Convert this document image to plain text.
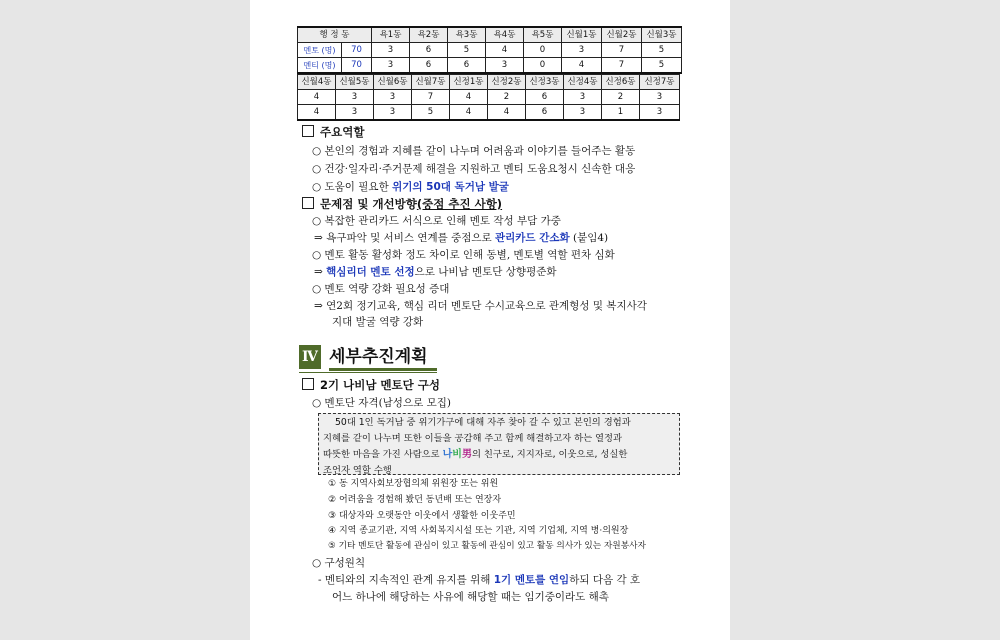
행 정 동		욕1동	욕2동	욕3동	욕4동	욕5동	신월1동	신월2동	신월3동
멘토 (명)	70	3	6	5	4	0	3	7	5
멘티 (명)	70	3	6	6	3	0	4	7	5
신월4동	신월5동	신월6동	신월7동	신정1동	신정2동	신정3동	신정4동	신정6동	신정7동
4	3	3	7	4	2	6	3	2	3
4	3	3	5	4	4	6	3	1	3
주요역할
○ 본인의 경험과 지혜를 같이 나누며 어려움과 이야기를 들어주는 활동
○ 건강·일자리·주거문제 해결을 지원하고 멘티 도움요청시 신속한 대응
○ 도움이 필요한 위기의 50대 독거남 발굴
문제점 및 개선방향(중점 추진 사항)
○ 복잡한 관리카드 서식으로 인해 멘토 작성 부담 가중
⇒ 욕구파악 및 서비스 연계를 중점으로 관리카드 간소화 (붙임4)
○ 멘토 활동 활성화 정도 차이로 인해 동별, 멘토별 역할 편차 심화
⇒ 핵심리더 멘토 선정으로 나비남 멘토단 상향평준화
○ 멘토 역량 강화 필요성 증대
⇒ 연2회 정기교육, 핵심 리더 멘토단 수시교육으로 관계형성 및 복지사각
지대 발굴 역량 강화
Ⅳ 세부추진계획
2기 나비남 멘토단 구성
○ 멘토단 자격(남성으로 모집)
50대 1인 독거남 중 위기가구에 대해 자주 찾아 갈 수 있고 본인의 경험과
지혜를 같이 나누며 또한 이들을 공감해 주고 함께 해결하고자 하는 열정과
따뜻한 마음을 가진 사람으로 나비男의 친구로, 지지자로, 이웃으로, 성실한
조언자 역할 수행
① 동 지역사회보장협의체 위원장 또는 위원
② 어려움을 경험해 봤던 동년배 또는 연장자
③ 대상자와 오랫동안 이웃에서 생활한 이웃주민
④ 지역 종교기관, 지역 사회복지시설 또는 기관, 지역 기업체, 지역 병·의원장
⑤ 기타 멘토단 활동에 관심이 있고 활동에 관심이 있고 활동 의사가 있는 자원봉사자
○ 구성원칙
- 멘티와의 지속적인 관계 유지를 위해 1기 멘토를 연임하되 다음 각 호
어느 하나에 해당하는 사유에 해당할 때는 임기중이라도 해촉
